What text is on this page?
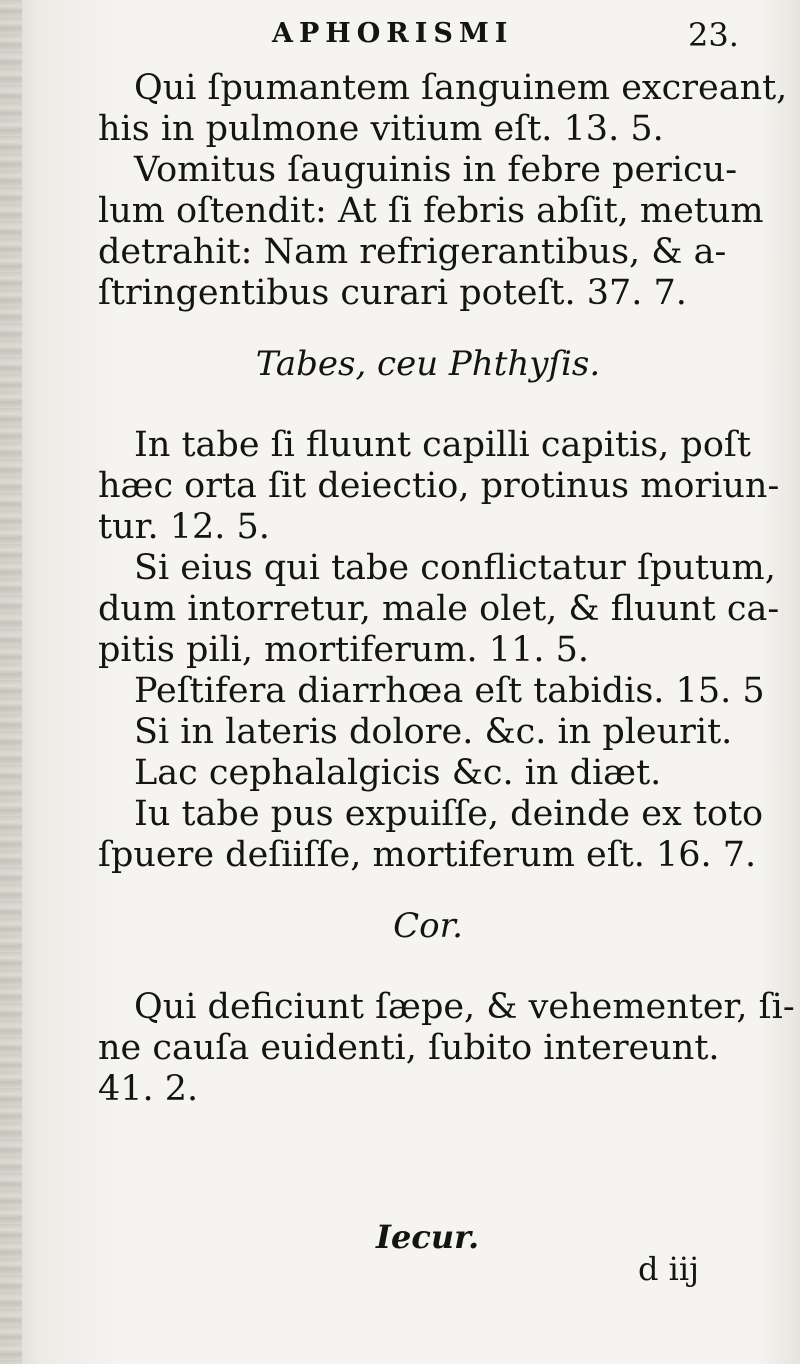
APHORISMI	23.
Qui ſpumantem ſanguinem excreant,
his in pulmone vitium eſt. 13. 5.
Vomitus ſauguinis in febre pericu-
lum oſtendit: At ſi febris abſit, metum
detrahit: Nam refrigerantibus, & a-
ſtringentibus curari poteſt. 37. 7.
Tabes, ceu Phthyſis.
In tabe ſi fluunt capilli capitis, poſt
hæc orta ſit deiectio, protinus moriun-
tur. 12. 5.
Si eius qui tabe conflictatur ſputum,
dum intorretur, male olet, & fluunt ca-
pitis pili, mortiferum. 11. 5.
Peſtifera diarrhœa eſt tabidis. 15. 5
Si in lateris dolore. &c. in pleurit.
Lac cephalalgicis &c. in diæt.
Iu tabe pus expuiſſe, deinde ex toto
ſpuere deſiiſſe, mortiferum eſt. 16. 7.
Cor.
Qui deficiunt ſæpe, & vehementer, ſi-
ne cauſa euidenti, ſubito intereunt.
41. 2.
Iecur.
d iij
